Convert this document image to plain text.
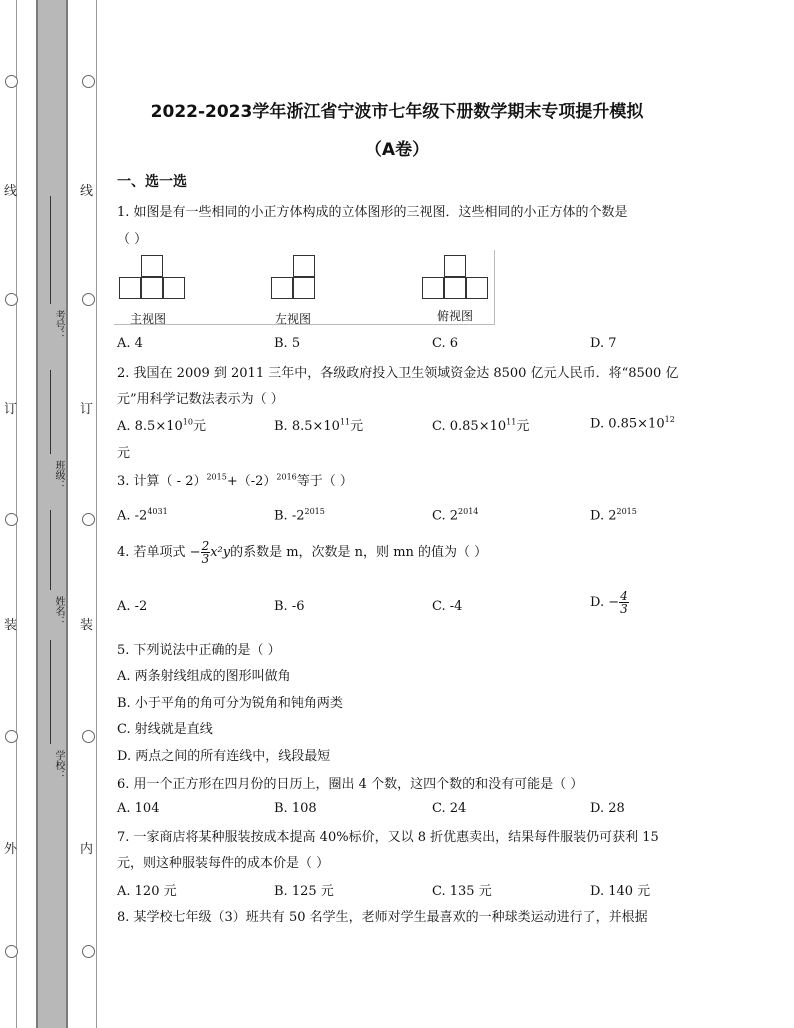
线
订
装
外
线
订
装
内
考号：
班级：
姓名：
学校：
2022-2023学年浙江省宁波市七年级下册数学期末专项提升模拟
（A卷）
一、选一选
1. 如图是有一些相同的小正方体构成的立体图形的三视图．这些相同的小正方体的个数是
（ ）
主视图	左视图	俯视图
A. 4	B. 5	C. 6	D. 7
2. 我国在 2009 到 2011 三年中，各级政府投入卫生领域资金达 8500 亿元人民币．将“8500 亿
元”用科学记数法表示为（ ）
A. $8.5\times 10^{10}$元	B. $8.5\times 10^{11}$元	C. $0.85\times 10^{11}$元	D. $0.85\times 10^{12}$
元
3. 计算（ - $2)^{2015}+(-2)^{2016}$等于（ ）
A. $-2^{4031}$	B. $-2^{2015}$	C. $2^{2014}$	D. $2^{2015}$
4. 若单项式 − $\frac{2}{3} x^2y$的系数是 m，次数是 n，则 mn 的值为（ ）
A. -2	B. -6	C. -4	D. − $\frac{4}{3}$
5. 下列说法中正确的是（ ）
A. 两条射线组成的图形叫做角
B. 小于平角的角可分为锐角和钝角两类
C. 射线就是直线
D. 两点之间的所有连线中，线段最短
6. 用一个正方形在四月份的日历上，圈出 4 个数，这四个数的和没有可能是（ ）
A. 104	B. 108	C. 24	D. 28
7. 一家商店将某种服装按成本提高 40%标价，又以 8 折优惠卖出，结果每件服装仍可获利 15
元，则这种服装每件的成本价是（ ）
A. 120 元	B. 125 元	C. 135 元	D. 140 元
8. 某学校七年级（3）班共有 50 名学生，老师对学生最喜欢的一种球类运动进行了，并根据
